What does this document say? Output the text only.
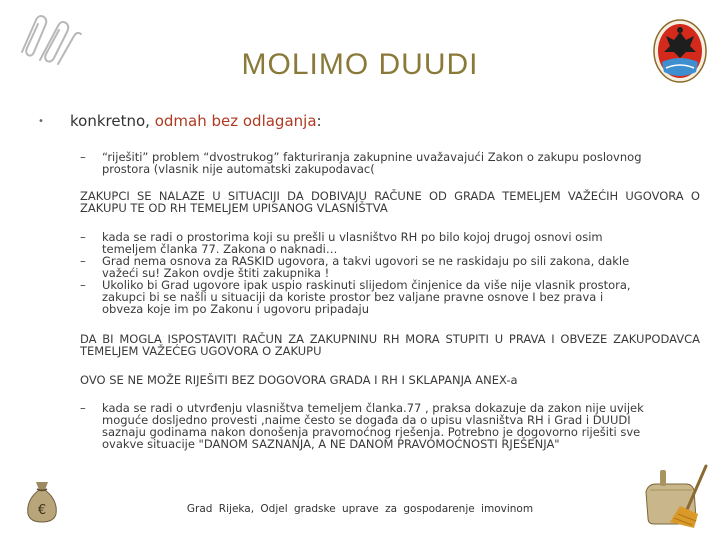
MOLIMO DUUDI
• konkretno, odmah bez odlaganja:
– “riješiti” problem “dvostrukog” fakturiranja zakupnine uvažavajući Zakon o zakupu poslovnog
prostora (vlasnik nije automatski zakupodavac(
ZAKUPCI SE NALAZE U SITUACIJI DA DOBIVAJU RAČUNE OD GRADA TEMELJEM VAŽEĆIH UGOVORA O ZAKUPU TE OD RH TEMELJEM UPISANOG VLASNIŠTVA
– kada se radi o prostorima koji su prešli u vlasništvo RH po bilo kojoj drugoj osnovi osim
temeljem članka 77. Zakona o naknadi…
– Grad nema osnova za RASKID ugovora, a takvi ugovori se ne raskidaju po sili zakona, dakle
važeći su! Zakon ovdje štiti zakupnika !
– Ukoliko bi Grad ugovore ipak uspio raskinuti slijedom činjenice da više nije vlasnik prostora,
zakupci bi se našli u situaciji da koriste prostor bez valjane pravne osnove I bez prava i
obveza koje im po Zakonu i ugovoru pripadaju
DA BI MOGLA ISPOSTAVITI RAČUN ZA ZAKUPNINU RH MORA STUPITI U PRAVA I OBVEZE ZAKUPODAVCA TEMELJEM VAŽEĆEG UGOVORA O ZAKUPU
OVO SE NE MOŽE RIJEŠITI BEZ DOGOVORA GRADA I RH I SKLAPANJA ANEX-a
– kada se radi o utvrđenju vlasništva temeljem članka.77 , praksa dokazuje da zakon nije uvijek
moguće dosljedno provesti ,naime često se događa da o upisu vlasništva RH i Grad i DUUDI
saznaju godinama nakon donošenja pravomoćnog rješenja. Potrebno je dogovorno riješiti sve
ovakve situacije "DANOM SAZNANJA, A NE DANOM PRAVOMOĆNOSTI RJEŠENJA"
€	Grad Rijeka, Odjel gradske uprave za gospodarenje imovinom
